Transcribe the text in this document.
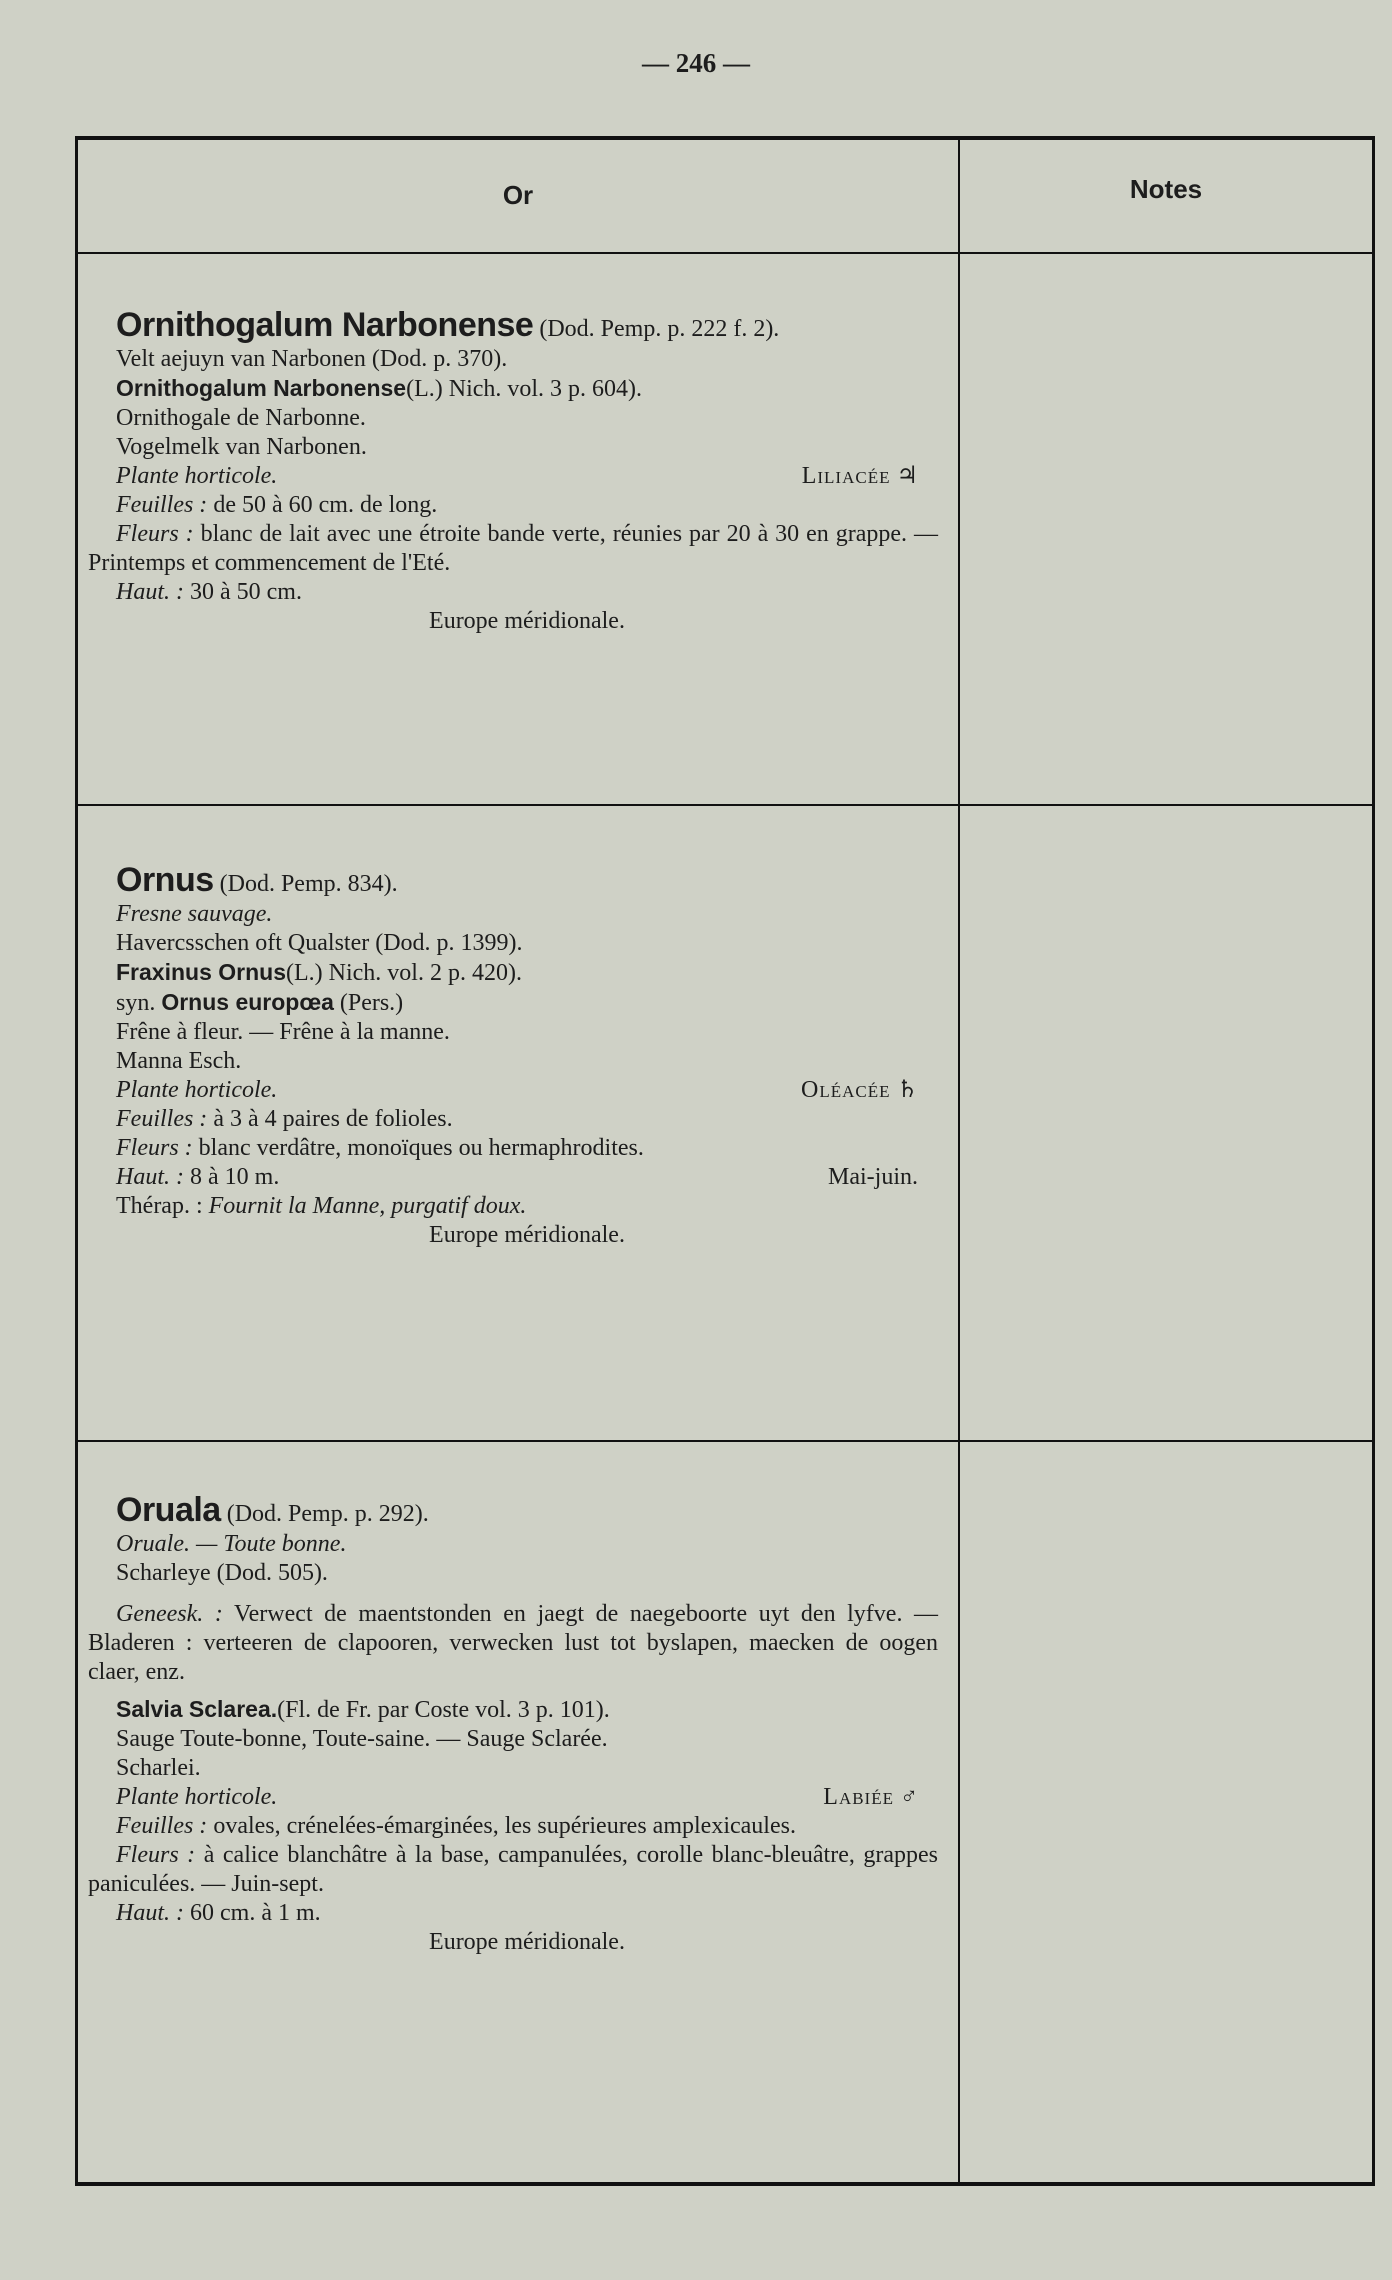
— 246 —
Or	Notes

Ornithogalum Narbonense (Dod. Pemp. p. 222 f. 2).

Velt aejuyn van Narbonen (Dod. p. 370).

Ornithogalum Narbonense(L.) Nich. vol. 3 p. 604).

Ornithogale de Narbonne.

Vogelmelk van Narbonen.

Plante horticole.	Liliacée ♃

Feuilles : de 50 à 60 cm. de long.

Fleurs : blanc de lait avec une étroite bande verte, réunies par 20 à 30 en grappe. — Printemps et commencement de l'Eté.

Haut. : 30 à 50 cm.

Europe méridionale.

Ornus (Dod. Pemp. 834).

Fresne sauvage.

Havercsschen oft Qualster (Dod. p. 1399).

Fraxinus Ornus(L.) Nich. vol. 2 p. 420).

syn. Ornus europœa (Pers.)

Frêne à fleur. — Frêne à la manne.

Manna Esch.

Plante horticole.	Oléacée ♄

Feuilles : à 3 à 4 paires de folioles.

Fleurs : blanc verdâtre, monoïques ou hermaphrodites.

Haut. : 8 à 10 m.	Mai-juin.

Thérap. : Fournit la Manne, purgatif doux.

Europe méridionale.

Oruala (Dod. Pemp. p. 292).

Oruale. — Toute bonne.

Scharleye (Dod. 505).

Geneesk. : Verwect de maentstonden en jaegt de naegeboorte uyt den lyfve. — Bladeren : verteeren de clapooren, verwecken lust tot byslapen, maecken de oogen claer, enz.

Salvia Sclarea.(Fl. de Fr. par Coste vol. 3 p. 101).

Sauge Toute-bonne, Toute-saine. — Sauge Sclarée.

Scharlei.

Plante horticole.	Labiée ♂

Feuilles : ovales, crénelées-émarginées, les supérieures amplexicaules.

Fleurs : à calice blanchâtre à la base, campanulées, corolle blanc-bleuâtre, grappes paniculées. — Juin-sept.

Haut. : 60 cm. à 1 m.

Europe méridionale.
